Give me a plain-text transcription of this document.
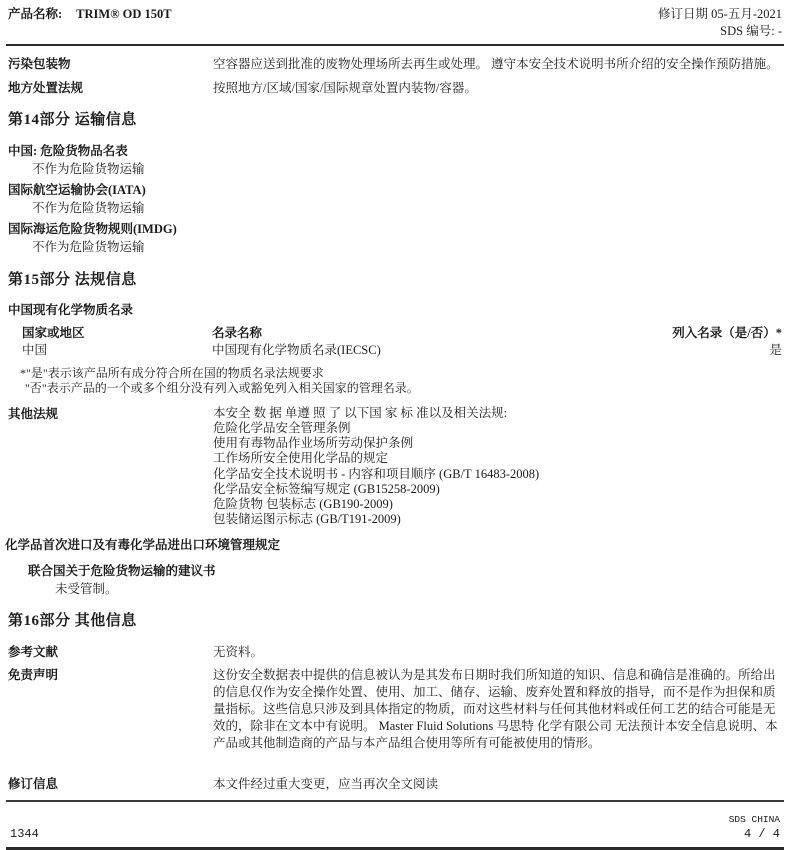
产品名称: TRIM® OD 150T	修订日期 05-五月-2021
SDS 编号: -
污染包装物	空容器应送到批准的废物处理场所去再生或处理。 遵守本安全技术说明书所介绍的安全操作预防措施。
地方处置法规	按照地方/区域/国家/国际规章处置内装物/容器。
第14部分 运输信息
中国: 危险货物品名表
不作为危险货物运输
国际航空运输协会(IATA)
不作为危险货物运输
国际海运危险货物规则(IMDG)
不作为危险货物运输
第15部分 法规信息
中国现有化学物质名录
国家或地区	名录名称	列入名录（是/否）*
中国	中国现有化学物质名录(IECSC)	是
*"是"表示该产品所有成分符合所在国的物质名录法规要求
"否"表示产品的一个或多个组分没有列入或豁免列入相关国家的管理名录。
其他法规	本安全 数 据 单遵 照 了 以下国 家 标 准以及相关法规:
危险化学品安全管理条例
使用有毒物品作业场所劳动保护条例
工作场所安全使用化学品的规定
化学品安全技术说明书 - 内容和项目顺序 (GB/T 16483-2008)
化学品安全标签编写规定 (GB15258-2009)
危险货物 包装标志 (GB190-2009)
包装储运图示标志 (GB/T191-2009)
化学品首次进口及有毒化学品进出口环境管理规定
联合国关于危险货物运输的建议书
未受管制。
第16部分 其他信息
参考文献	无资料。
免责声明	这份安全数据表中提供的信息被认为是其发布日期时我们所知道的知识、信息和确信是准确的。所给出的信息仅作为安全操作处置、使用、加工、储存、运输、废弃处置和释放的指导，而不是作为担保和质量指标。这些信息只涉及到具体指定的物质，而对这些材料与任何其他材料或任何工艺的结合可能是无效的，除非在文本中有说明。 Master Fluid Solutions 马思特 化学有限公司 无法预计本安全信息说明、本产品或其他制造商的产品与本产品组合使用等所有可能被使用的情形。
修订信息	本文件经过重大变更，应当再次全文阅读
SDS CHINA
1344	4 / 4
